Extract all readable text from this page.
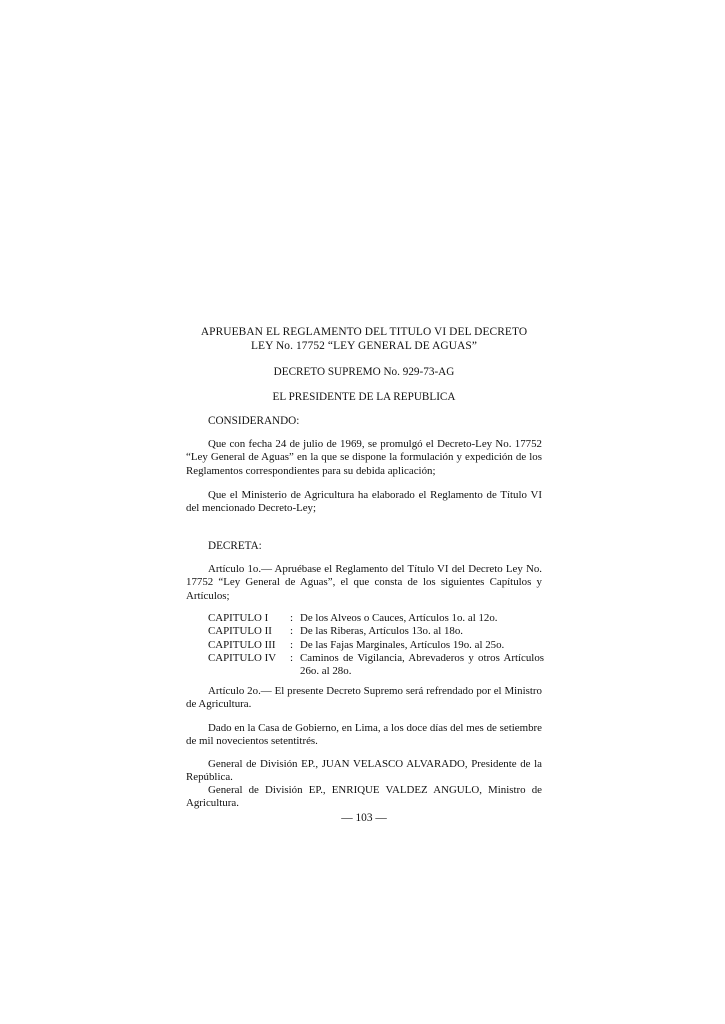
APRUEBAN EL REGLAMENTO DEL TITULO VI DEL DECRETO
LEY No. 17752 “LEY GENERAL DE AGUAS”
DECRETO SUPREMO No. 929-73-AG
EL PRESIDENTE DE LA REPUBLICA
CONSIDERANDO:
Que con fecha 24 de julio de 1969, se promulgó el Decreto-Ley No. 17752 “Ley General de Aguas” en la que se dispone la formulación y expedición de los Reglamentos correspondientes para su debida aplicación;
Que el Ministerio de Agricultura ha elaborado el Reglamento de Título VI del mencionado Decreto-Ley;
DECRETA:
Artículo 1o.— Apruébase el Reglamento del Título VI del Decreto Ley No. 17752 “Ley General de Aguas”, el que consta de los siguientes Capítulos y Artículos;
CAPITULO I	:	De los Alveos o Cauces, Artículos 1o. al 12o.
CAPITULO II	:	De las Riberas, Artículos 13o. al 18o.
CAPITULO III	:	De las Fajas Marginales, Artículos 19o. al 25o.
CAPITULO IV	:	Caminos de Vigilancia, Abrevaderos y otros Artículos 26o. al 28o.
Artículo 2o.— El presente Decreto Supremo será refrendado por el Ministro de Agricultura.
Dado en la Casa de Gobierno, en Lima, a los doce días del mes de setiembre de mil novecientos setentitrés.
General de División EP., JUAN VELASCO ALVARADO, Presidente de la República.
General de División EP., ENRIQUE VALDEZ ANGULO, Ministro de Agricultura.
— 103 —
